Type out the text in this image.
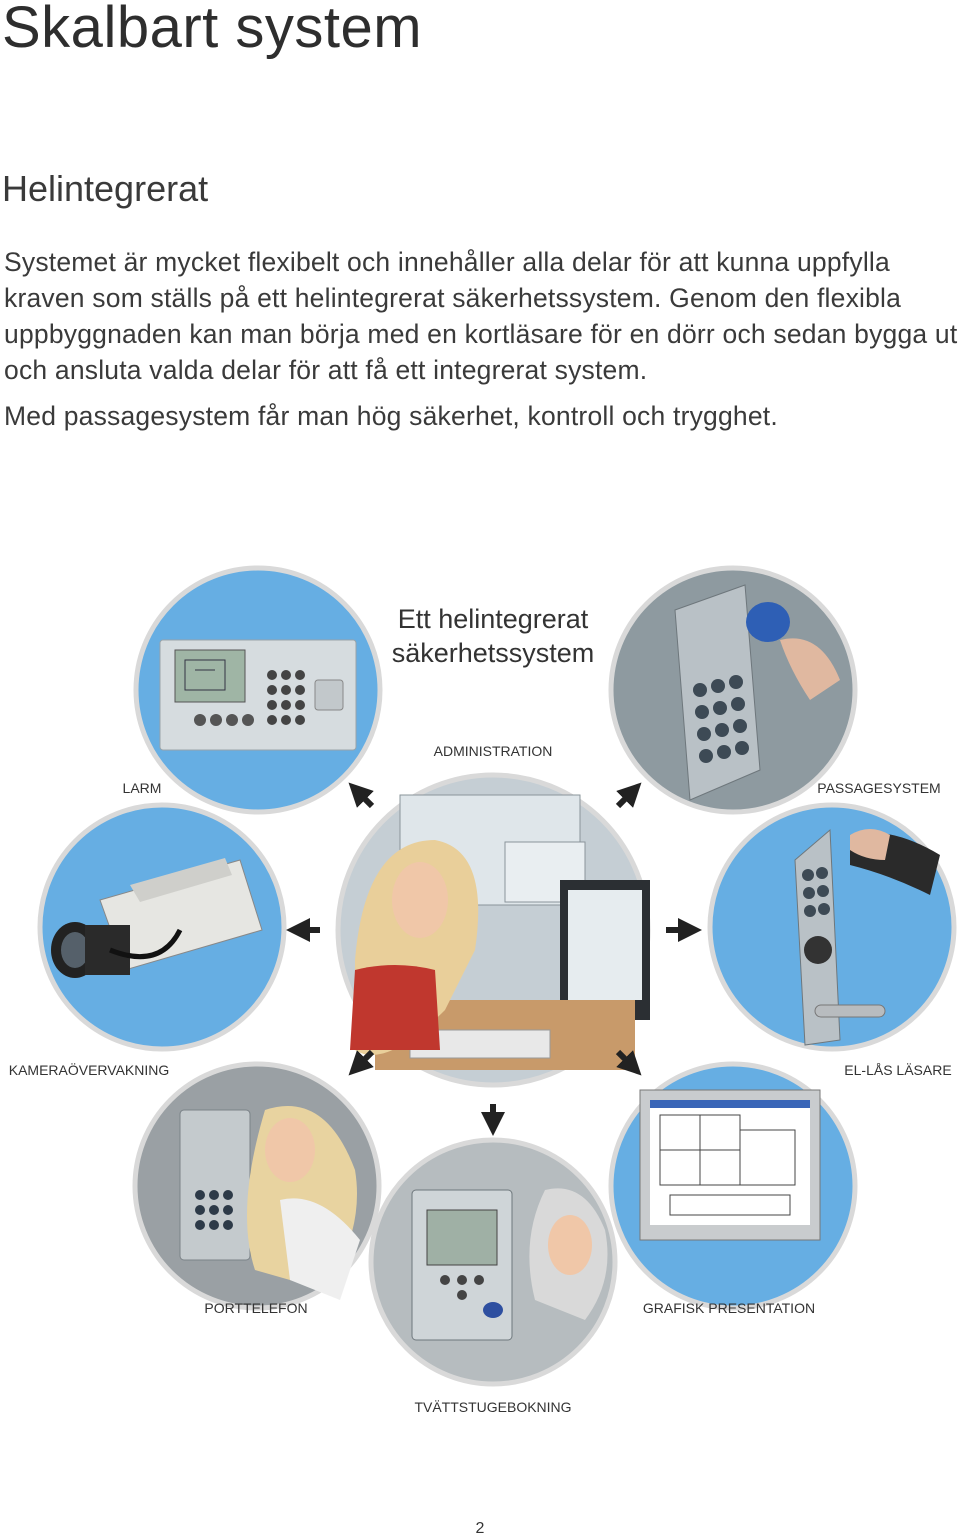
Skalbart system
Helintegrerat

Systemet är mycket flexibelt och innehåller alla delar för att kunna uppfylla kraven som ställs på ett helintegrerat säkerhetssystem. Genom den flexibla uppbyggnaden kan man börja med en kortläsare för en dörr och sedan bygga ut och ansluta valda delar för att få ett integrerat system.

Med passagesystem får man hög säkerhet, kontroll och trygghet.

ADMINISTRATION
LARM	PASSAGESYSTEM
KAMERAÖVERVAKNING	EL-LÅS LÄSARE
PORTTELEFON	GRAFISK PRESENTATION
TVÄTTSTUGEBOKNING
Ett helintegrerat säkerhetssystem
2
